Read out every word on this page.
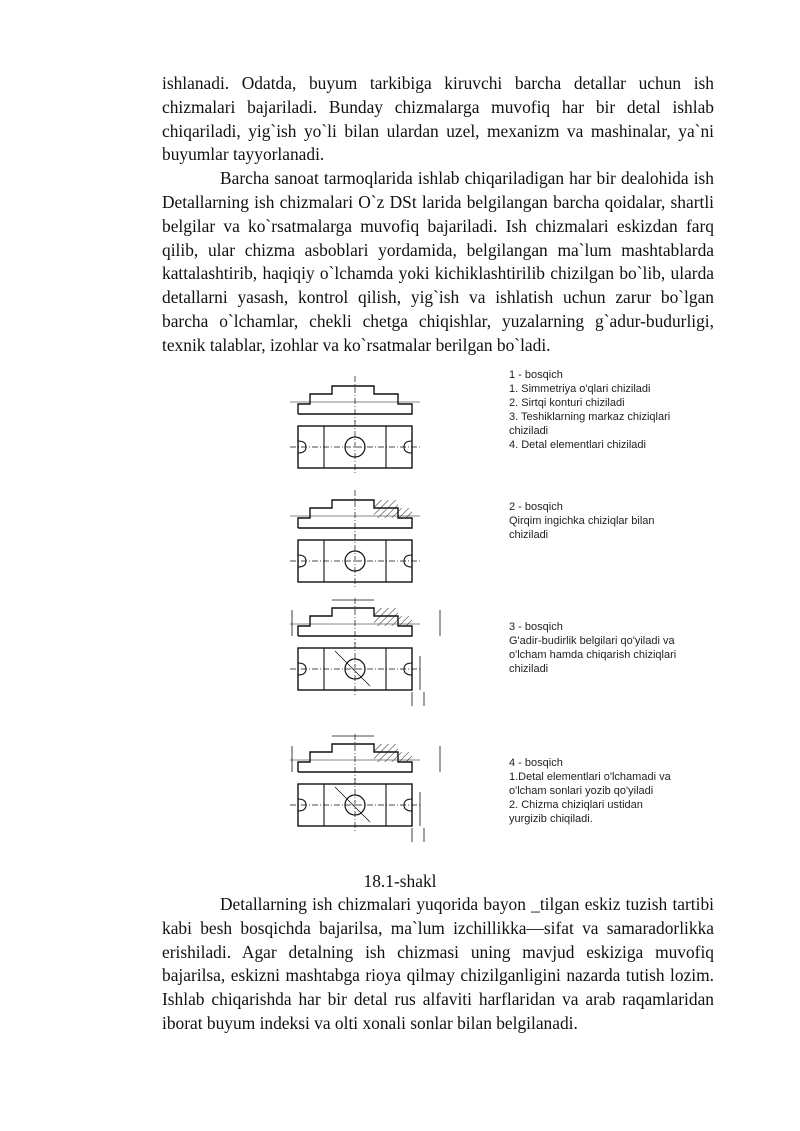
ishlanadi. Odatda, buyum tarkibiga kiruvchi barcha detallar uchun ish chizmalari bajariladi. Bunday chizmalarga muvofiq har bir detal ishlab chiqariladi, yig`ish yo`li bilan ulardan uzel, mexanizm va mashinalar, ya`ni buyumlar tayyorlanadi.

Barcha sanoat tarmoqlarida ishlab chiqariladigan har bir dealohida ish Detallarning ish chizmalari O`z DSt larida belgilangan barcha qoidalar, shartli belgilar va ko`rsatmalarga muvofiq bajariladi. Ish chizmalari eskizdan farq qilib, ular chizma asboblari yordamida, belgilangan ma`lum mashtablarda kattalashtirib, haqiqiy o`lchamda yoki kichiklashtirilib chizilgan bo`lib, ularda detallarni yasash, kontrol qilish, yig`ish va ishlatish uchun zarur bo`lgan barcha o`lchamlar, chekli chetga chiqishlar, yuzalarning g`adur-budurligi, texnik talablar, izohlar va ko`rsatmalar berilgan bo`ladi.

1 - bosqich
1. Simmetriya o'qlari chiziladi
2. Sirtqi konturi chiziladi
3. Teshiklarning markaz chiziqlari
chiziladi
4. Detal elementlari chiziladi
2 - bosqich
Qirqim ingichka chiziqlar bilan
chiziladi
3 - bosqich
G'adir-budirlik belgilari qo'yiladi va
o'lcham hamda chiqarish chiziqlari
chiziladi
4 - bosqich
1.Detal elementlari o'lchamadi va
o'lcham sonlari yozib qo'yiladi
2. Chizma chiziqlari ustidan
yurgizib chiqiladi.
18.1-shakl

Detallarning ish chizmalari yuqorida bayon _tilgan eskiz tuzish tartibi kabi besh bosqichda bajarilsa, ma`lum izchillikka—sifat va samaradorlikka erishiladi. Agar detalning ish chizmasi uning mavjud eskiziga muvofiq bajarilsa, eskizni mashtabga rioya qilmay chizilganligini nazarda tutish lozim. Ishlab chiqarishda har bir detal rus alfaviti harflaridan va arab raqamlaridan iborat buyum indeksi va olti xonali sonlar bilan belgilanadi.
